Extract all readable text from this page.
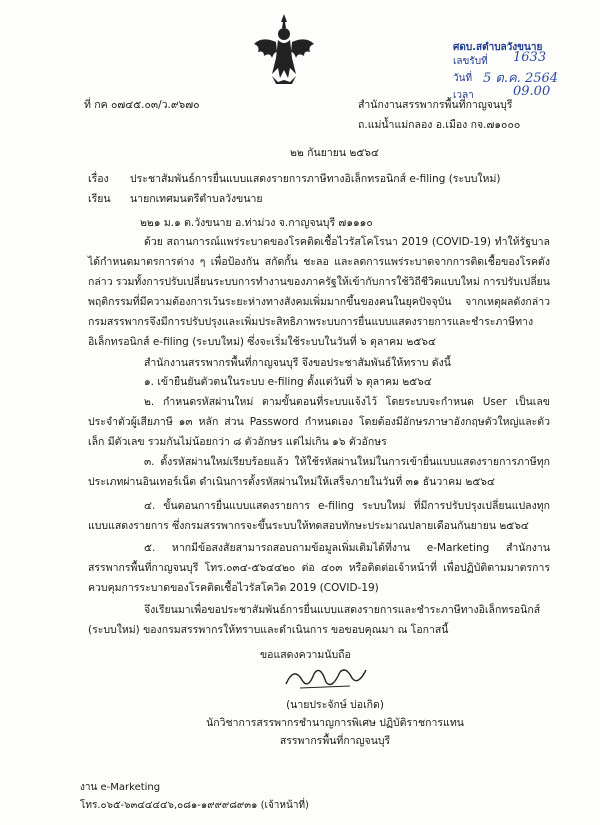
ศดบ.สตำบลวังขนาย
เลขรับที่ 1633
วันที่ 5 ต.ค. 2564
เวลา	09.00
ที่ กค ๐๗๔๕.๐๓/ว.๙๖๗๐	สำนักงานสรรพากรพื้นที่กาญจนบุรี
ถ.แม่น้ำแม่กลอง อ.เมือง กจ.๗๑๐๐๐
๒๒ กันยายน ๒๕๖๔
เรื่อง ประชาสัมพันธ์การยื่นแบบแสดงรายการภาษีทางอิเล็กทรอนิกส์ e-filing (ระบบใหม่)
เรียน นายกเทศมนตรีตำบลวังขนาย
๒๒๑ ม.๑ ต.วังขนาย อ.ท่าม่วง จ.กาญจนบุรี ๗๑๑๑๐
ด้วย สถานการณ์แพร่ระบาดของโรคติดเชื้อไวรัสโคโรนา 2019 (COVID-19) ทำให้รัฐบาลได้กำหนดมาตรการต่าง ๆ เพื่อป้องกัน สกัดกั้น ชะลอ และลดการแพร่ระบาดจากการติดเชื้อของโรคดังกล่าว รวมทั้งการปรับเปลี่ยนระบบการทำงานของภาครัฐให้เข้ากับการใช้วิถีชีวิตแบบใหม่ การปรับเปลี่ยนพฤติกรรมที่มีความต้องการเว้นระยะห่างทางสังคมเพิ่มมากขึ้นของคนในยุคปัจจุบัน จากเหตุผลดังกล่าวกรมสรรพากรจึงมีการปรับปรุงและเพิ่มประสิทธิภาพระบบการยื่นแบบแสดงรายการและชำระภาษีทางอิเล็กทรอนิกส์ e-filing (ระบบใหม่) ซึ่งจะเริ่มใช้ระบบในวันที่ ๖ ตุลาคม ๒๕๖๔
สำนักงานสรรพากรพื้นที่กาญจนบุรี จึงขอประชาสัมพันธ์ให้ทราบ ดังนี้
๑. เข้ายืนยันตัวตนในระบบ e-filing ตั้งแต่วันที่ ๖ ตุลาคม ๒๕๖๔
๒. กำหนดรหัสผ่านใหม่ ตามขั้นตอนที่ระบบแจ้งไว้ โดยระบบจะกำหนด User เป็นเลขประจำตัวผู้เสียภาษี ๑๓ หลัก ส่วน Password กำหนดเอง โดยต้องมีอักษรภาษาอังกฤษตัวใหญ่และตัวเล็ก มีตัวเลข รวมกันไม่น้อยกว่า ๘ ตัวอักษร แต่ไม่เกิน ๑๖ ตัวอักษร
๓. ตั้งรหัสผ่านใหม่เรียบร้อยแล้ว ให้ใช้รหัสผ่านใหม่ในการเข้ายื่นแบบแสดงรายการภาษีทุกประเภทผ่านอินเทอร์เน็ต ดำเนินการตั้งรหัสผ่านใหม่ให้เสร็จภายในวันที่ ๓๑ ธันวาคม ๒๕๖๔
๔. ขั้นตอนการยื่นแบบแสดงรายการ e-filing ระบบใหม่ ที่มีการปรับปรุงเปลี่ยนแปลงทุกแบบแสดงรายการ ซึ่งกรมสรรพากรจะขึ้นระบบให้ทดสอบทักษะประมาณปลายเดือนกันยายน ๒๕๖๔
๕. หากมีข้อสงสัยสามารถสอบถามข้อมูลเพิ่มเติมได้ที่งาน e-Marketing สำนักงานสรรพากรพื้นที่กาญจนบุรี โทร.๐๓๔-๕๖๔๔๒๐ ต่อ ๔๐๓ หรือติดต่อเจ้าหน้าที่ เพื่อปฏิบัติตามมาตรการควบคุมการระบาดของโรคติดเชื้อไวรัสโควิด 2019 (COVID-19)
จึงเรียนมาเพื่อขอประชาสัมพันธ์การยื่นแบบแสดงรายการและชำระภาษีทางอิเล็กทรอนิกส์ (ระบบใหม่) ของกรมสรรพากรให้ทราบและดำเนินการ ขอขอบคุณมา ณ โอกาสนี้
ขอแสดงความนับถือ
(นายประจักษ์ บ่อเกิด)
นักวิชาการสรรพากรชำนาญการพิเศษ ปฏิบัติราชการแทน
สรรพากรพื้นที่กาญจนบุรี
งาน e-Marketing
โทร.๐๖๕-๖๓๔๔๔๔๖,๐๘๑-๑๙๙๙๘๙๓๑ (เจ้าหน้าที่)
